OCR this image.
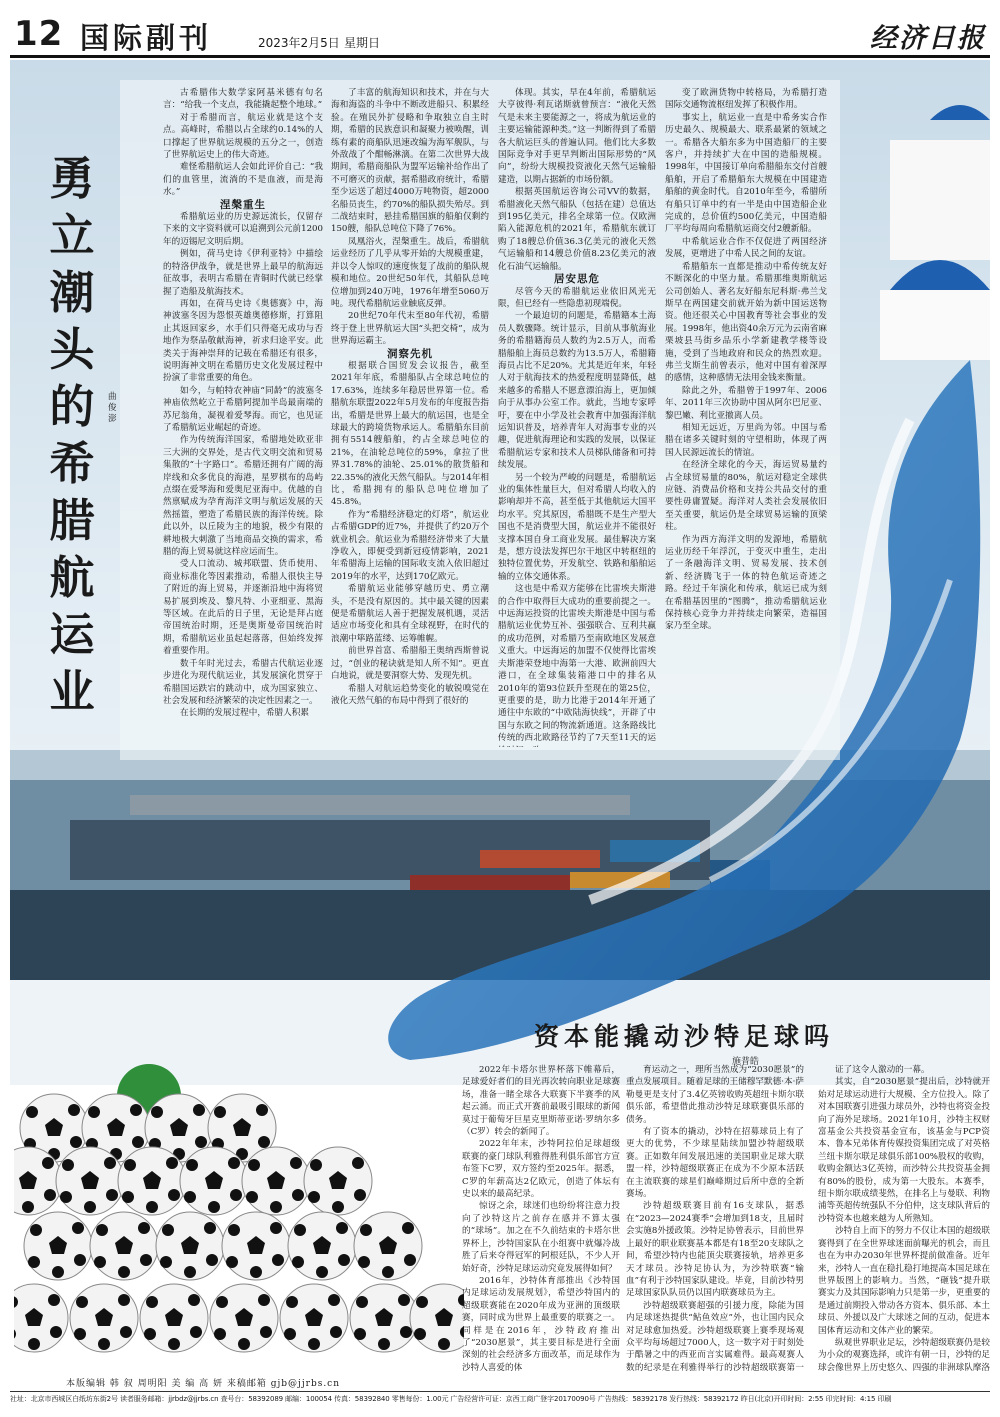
12 国际副刊	2023年2月5日 星期日	经济日报
勇立潮头的希腊航运业
曲俊澎

古希腊伟大数学家阿基米德有句名言：“给我一个支点，我能撬起整个地球。”

对于希腊而言，航运业就是这个支点。高峰时，希腊以占全球约0.14%的人口撑起了世界航运规模的五分之一，创造了世界航运史上的伟大奇迹。

难怪希腊航运人会如此评价自己：“我们的血管里，流淌的不是血液，而是海水。”

涅槃重生

希腊航运业的历史源远流长，仅留存下来的文字资料就可以追溯到公元前1200年的迈锡尼文明后期。

例如，荷马史诗《伊利亚特》中描绘的特洛伊战争，就是世界上最早的航海远征故事，表明古希腊在青铜时代就已经掌握了造船及航海技术。

再如，在荷马史诗《奥德赛》中，海神波塞冬因为怨恨英雄奥德修斯，打算阻止其返回家乡，水手们只得毫无成功与否地作为祭品敬献海神，祈求归途平安。此类关于海神崇拜的记载在希腊还有很多，说明海神文明在希腊历史文化发展过程中扮演了非常重要的角色。

如今，与帕特农神庙“同龄”的波塞冬神庙依然屹立于希腊阿提加半岛最南端的苏尼翁角，凝视着爱琴海。而它，也见证了希腊航运业崛起的奇迹。

作为传统海洋国家，希腊地处欧亚非三大洲的交界处，是古代文明交流和贸易集散的“十字路口”。希腊还拥有广阔的海岸线和众多优良的海港，星罗棋布的岛屿点缀在爱琴海和爱奥尼亚海中。优越的自然禀赋成为孕育海洋文明与航运发展的天然摇篮，塑造了希腊民族的海洋传统。除此以外，以丘陵为主的地貌，极少有限的耕地极大刺激了当地商品交换的需求，希腊的海上贸易就这样应运而生。

受人口流动、城邦联盟、货币使用、商业标准化等因素推动，希腊人很快主导了附近的海上贸易，并逐渐沿地中海将贸易扩展到埃及、黎凡特、小亚细亚、黑海等区域。在此后的日子里，无论是拜占庭帝国统治时期，还是奥斯曼帝国统治时期，希腊航运业虽起起落落，但始终发挥着重要作用。

数千年时光过去，希腊古代航运业逐步进化为现代航运业，其发展演化贯穿于希腊国运跌宕的跳动中，成为国家独立、社会发展和经济繁荣的决定性因素之一。

在长期的发展过程中，希腊人积累

了丰富的航海知识和技术，并在与大海和海盗的斗争中不断改进船只、积累经验。在殖民外扩侵略和争取独立自主时期，希腊的民族意识和凝聚力被唤醒，训练有素的商船队迅速改编为海军舰队，与外敌战了个酣畅淋漓。在第二次世界大战期间，希腊商船队为盟军运输补给作出了不可磨灭的贡献，据希腊政府统计，希腊至少运送了超过4000万吨物资，超2000名船员丧生，约70%的船队损失殆尽。到二战结束时，悬挂希腊国旗的船舶仅剩约150艘，船队总吨位下降了76%。

凤凰浴火，涅槃重生。战后，希腊航运业经历了几乎从零开始的大规模重建，并以令人惊叹的速度恢复了战前的船队规模和地位。20世纪50年代，其船队总吨位增加到240万吨，1976年增至5060万吨。现代希腊航运业触底反弹。

20世纪70年代末至80年代初，希腊终于登上世界航运大国“头把交椅”，成为世界海运霸主。

洞察先机

根据联合国贸发会议报告，截至2021年年底，希腊船队占全球总吨位的17.63%，连续多年稳居世界第一位。希腊航东联盟2022年5月发布的年度报告指出，希腊是世界上最大的航运国，也是全球最大的跨境货物承运人。希腊船东目前拥有5514艘船舶，约占全球总吨位的21%，在油轮总吨位的59%，拿拉了世界31.78%的油轮、25.01%的散货船和22.35%的液化天然气船队。与2014年相比，希腊拥有的船队总吨位增加了45.8%。

作为“希腊经济稳定的灯塔”，航运业占希腊GDP的近7%，并提供了约20万个就业机会。航运业为希腊经济带来了大量净收入，即便受到新冠疫情影响，2021年希腊海上运输的国际收支流入依旧超过2019年的水平，达到170亿欧元。

希腊航运业能够穿越历史、勇立潮头，不是没有原因的。其中最关键的因素便是希腊航运人善于把握发展机遇，灵活适应市场变化和具有全球视野，在时代的浪潮中筚路蓝缕、运筹帷幄。

前世界首富、希腊船王奥纳西斯曾说过，“创业的秘诀就是知人所不知”。更直白地说，就是要洞察大势、发现先机。

希腊人对航运趋势变化的敏锐嗅觉在液化天然气船的布局中得到了很好的

体现。其实，早在4年前，希腊航运大亨彼得·利瓦诺斯就曾预言：“液化天然气是未来主要能源之一，将成为航运业的主要运输能源种类。”这一判断得到了希腊各大航运巨头的普遍认同。他们比大多数国际竞争对手更早判断出国际形势的“风向”，纷纷大规模投资液化天然气运输船建造，以期占据新的市场份额。

根据英国航运咨询公司VV的数据，希腊液化天然气船队（包括在建）总值达到195亿美元，排名全球第一位。仅欧洲陷入能源危机的2021年，希腊航东就订购了18艘总价值36.3亿美元的液化天然气运输船和14艘总价值8.23亿美元的液化石油气运输船。

居安思危

尽管今天的希腊航运业依旧风光无限，但已经有一些隐患初现端倪。

一个最迫切的问题是，希腊籍本土海员人数骤降。统计显示，目前从事航海业务的希腊籍海员人数约为2.5万人，而希腊船舶上海员总数约为13.5万人，希腊籍海员占比不足20%。尤其是近年来，年轻人对于航海技术的热爱程度明显降低，越来越多的希腊人不愿意漂泊海上，更加倾向于从事办公室工作。就此，当地专家呼吁，要在中小学及社会教育中加强海洋航运知识普及，培养青年人对海事专业的兴趣，促进航海理论和实践的发展，以保证希腊航运专家和技术人员梯队储备和可持续发展。

另一个较为严峻的问题是，希腊航运业的集体性量巨大，但对希腊人均收入的影响却并不高，甚至低于其他航运大国平均水平。究其原因，希腊既不是生产型大国也不是消费型大国，航运业并不能很好支撑本国自身工商业发展。最佳解决方案是，想方设法发挥巴尔干地区中转枢纽的独特位置优势，开发航空、铁路和船舶运输的立体交通体系。

这也是中希双方能够在比雷埃夫斯港的合作中取得巨大成功的重要前提之一。中远海运投资的比雷埃夫斯港是中国与希腊航运业优势互补、强强联合、互利共赢的成功范例，对希腊乃至南欧地区发展意义重大。中远海运的加盟不仅使得比雷埃夫斯港荣登地中海第一大港、欧洲前四大港口，在全球集装箱港口中的排名从2010年的第93位跃升至现在的第25位，更重要的是，助力比港于2014年开通了通往中东欧的“中欧陆海快线”，开辟了中国与东欧之间的物流新通道。这条路线比传统的西北欧路径节约了7天至11天的运

变了欧洲货物中转格局，为希腊打造国际交通物流枢纽发挥了积极作用。

事实上，航运业一直是中希务实合作历史最久、规模最大、联系最紧的领域之一。希腊各大船东多为中国造船厂的主要客户，并持续扩大在中国的造船规模。1998年，中国接订单向希腊船东交付首艘船舶，开启了希腊船东大规模在中国建造船舶的黄金时代。自2010年至今，希腊所有船只订单中约有一半是由中国造船企业完成的，总价值约500亿美元，中国造船厂平均每周向希腊航运商交付2艘新船。

中希航运业合作不仅促进了两国经济发展，更增进了中希人民之间的友谊。

希腊船东一直都是推动中希传统友好不断深化的中坚力量。希腊那维奥斯航运公司创始人、著名友好船东尼科斯·弗兰戈斯早在两国建交前就开始为新中国运送物资。他还很关心中国教育等社会事业的发展。1998年，他出资40余万元为云南省麻栗坡县马街乡品乐小学新建教学楼等设施，受到了当地政府和民众的热烈欢迎。弗兰戈斯生前曾表示，他对中国有着深厚的感情，这种感情无法用金钱来衡量。

除此之外，希腊曾于1997年、2006年、2011年三次协助中国从阿尔巴尼亚、黎巴嫩、利比亚撤离人员。

相知无远近，万里尚为邻。中国与希腊在诸多关键时刻的守望相助，体现了两国人民源远流长的情谊。

在经济全球化的今天，海运贸易量约占全球贸易量的80%，航运对稳定全球供应链、消费品价格和支持公共品交付的重要性毋庸置疑。海洋对人类社会发展依旧至关重要，航运仍是全球贸易运输的顶梁柱。

作为西方海洋文明的发源地，希腊航运业历经千年浮沉，于变灭中重生，走出了一条融海洋文明、贸易发展、技术创新、经济腾飞于一体的特色航运奇迹之路。经过千年演化和传承，航运已成为刻在希腊基因里的“图腾”，推动希腊航运业保持核心竞争力并持续走向繁荣，造福国家乃至全球。

资本能撬动沙特足球吗
施普皓

2022年卡塔尔世界杯落下帷幕后，足球爱好者们的目光再次转向职业足球赛场，准备一睹全球各大联赛下半赛季的风起云涌。而正式开赛前最吸引眼球的新闻莫过于葡萄牙巨星克里斯蒂亚诺·罗纳尔多（C罗）转会的新闻了。

2022年年末，沙特阿拉伯足球超级联赛的豪门球队利雅得胜利俱乐部官方宣布签下C罗，双方签约至2025年。据悉，C罗的年薪高达2亿欧元，创造了体坛有史以来的最高纪录。

惊讶之余，球迷们也纷纷将注意力投向了沙特这片之前存在感并不算太强的“球场”。加之在不久前结束的卡塔尔世界杯上，沙特国家队在小组赛中就爆冷战胜了后来夺得冠军的阿根廷队，不少人开始好奇，沙特足球运动究竟发展得如何？

2016年，沙特体育部推出《沙特国内足球运动发展规划》，希望沙特国内的超级联赛能在2020年成为亚洲的顶级联赛，同时成为世界上最重要的联赛之一。同样是在2016年，沙特政府推出了“2030愿景”，其主要目标是进行全面深刻的社会经济多方面改革，而足球作为沙特人喜爱的体

育运动之一，理所当然成为“2030愿景”的重点发展项目。随着足球的王储穆罕默德·本·萨勒曼更是支付了3.4亿英镑收购英超纽卡斯尔联俱乐部，希望借此推动沙特足球联赛俱乐部的债务。

有了资本的撬动，沙特在招募球员上有了更大的优势，不少球星陆续加盟沙特超级联赛。正如数年间发展迅速的美国职业足球大联盟一样，沙特超级联赛正在成为不少原本活跃在主流联赛的球星们巅峰期过后所中意的全新赛场。

沙特超级联赛目前有16支球队，据悉在“2023—2024赛季”会增加到18支，且届时会实施8外援政策。沙特足协曾表示，目前世界上最好的职业联赛基本都是有18至20支球队之间，希望沙特内也能顶尖联赛接轨，培养更多天才球员。沙特足协认为，为沙特联赛“输血”有利于沙特国家队建设。毕竟，目前沙特男足球国家队队员仍以国内联赛球员为主。

沙特超级联赛超强的引援力度，除能为国内足球迷热提供“鲇鱼效应”外，也让国内民众对足球愈加热爱。沙特超级联赛上赛季现场观众平均每场超过7000人，这一数字对于时刻处于酷暑之中的西亚而言实属难得。最高观赛人数的纪录是在利雅得举行的沙特超级联赛第一

证了这令人激动的一幕。

其实，自“2030愿景”提出后，沙特就开始对足球运动进行大规模、全方位投入。除了对本国联赛引进强力球员外，沙特也将资金投向了海外足球场。2021年10月，沙特主权财富基金公共投资基金宣布，该基金与PCP资本、鲁本兄弟体育传媒投资集团完成了对英格兰纽卡斯尔联足球俱乐部100%股权的收购，收购金额达3亿英镑，而沙特公共投资基金拥有80%的股份，成为第一大股东。本赛季，纽卡斯尔联成绩斐然，在排名上与曼联、利物浦等英超传统强队不分伯仲，这支球队背后的沙特资本也越来越为人所熟知。

沙特自上而下的努力不仅让本国的超级联赛得到了在全世界球迷面前曝光的机会，而且也在为申办2030年世界杯提前做准备。近年来，沙特人一直在稳扎稳打地提高本国足球在世界版图上的影响力。当然，“砸钱”提升联赛实力及其国际影响力只是第一步，更重要的是通过前期投入带动各方资本、俱乐部、本土球员、外援以及广大球迷之间的互动，促进本国体育运动和文体产业的繁荣。

纵观世界职业足坛，沙特超级联赛仍是较为小众的观赛选择，或许有朝一日，沙特的足球会像世界上历史悠久、四强的非洲球队摩洛

本版编辑 韩 叙 周明阳 美 编 高 妍 来稿邮箱 gjb@jjrbs.cn
社址：北京市西城区白纸坊东街2号 读者服务邮箱：jjrbdz@jjrbs.cn 查号台：58392089 邮编：100054 传真：58392840 零售每份：1.00元 广告经营许可证：京西工商广登字20170090号 广告热线：58392178 发行热线：58392172 昨日(北京)开印时间：2:55 印完时间：4:15 印刷
